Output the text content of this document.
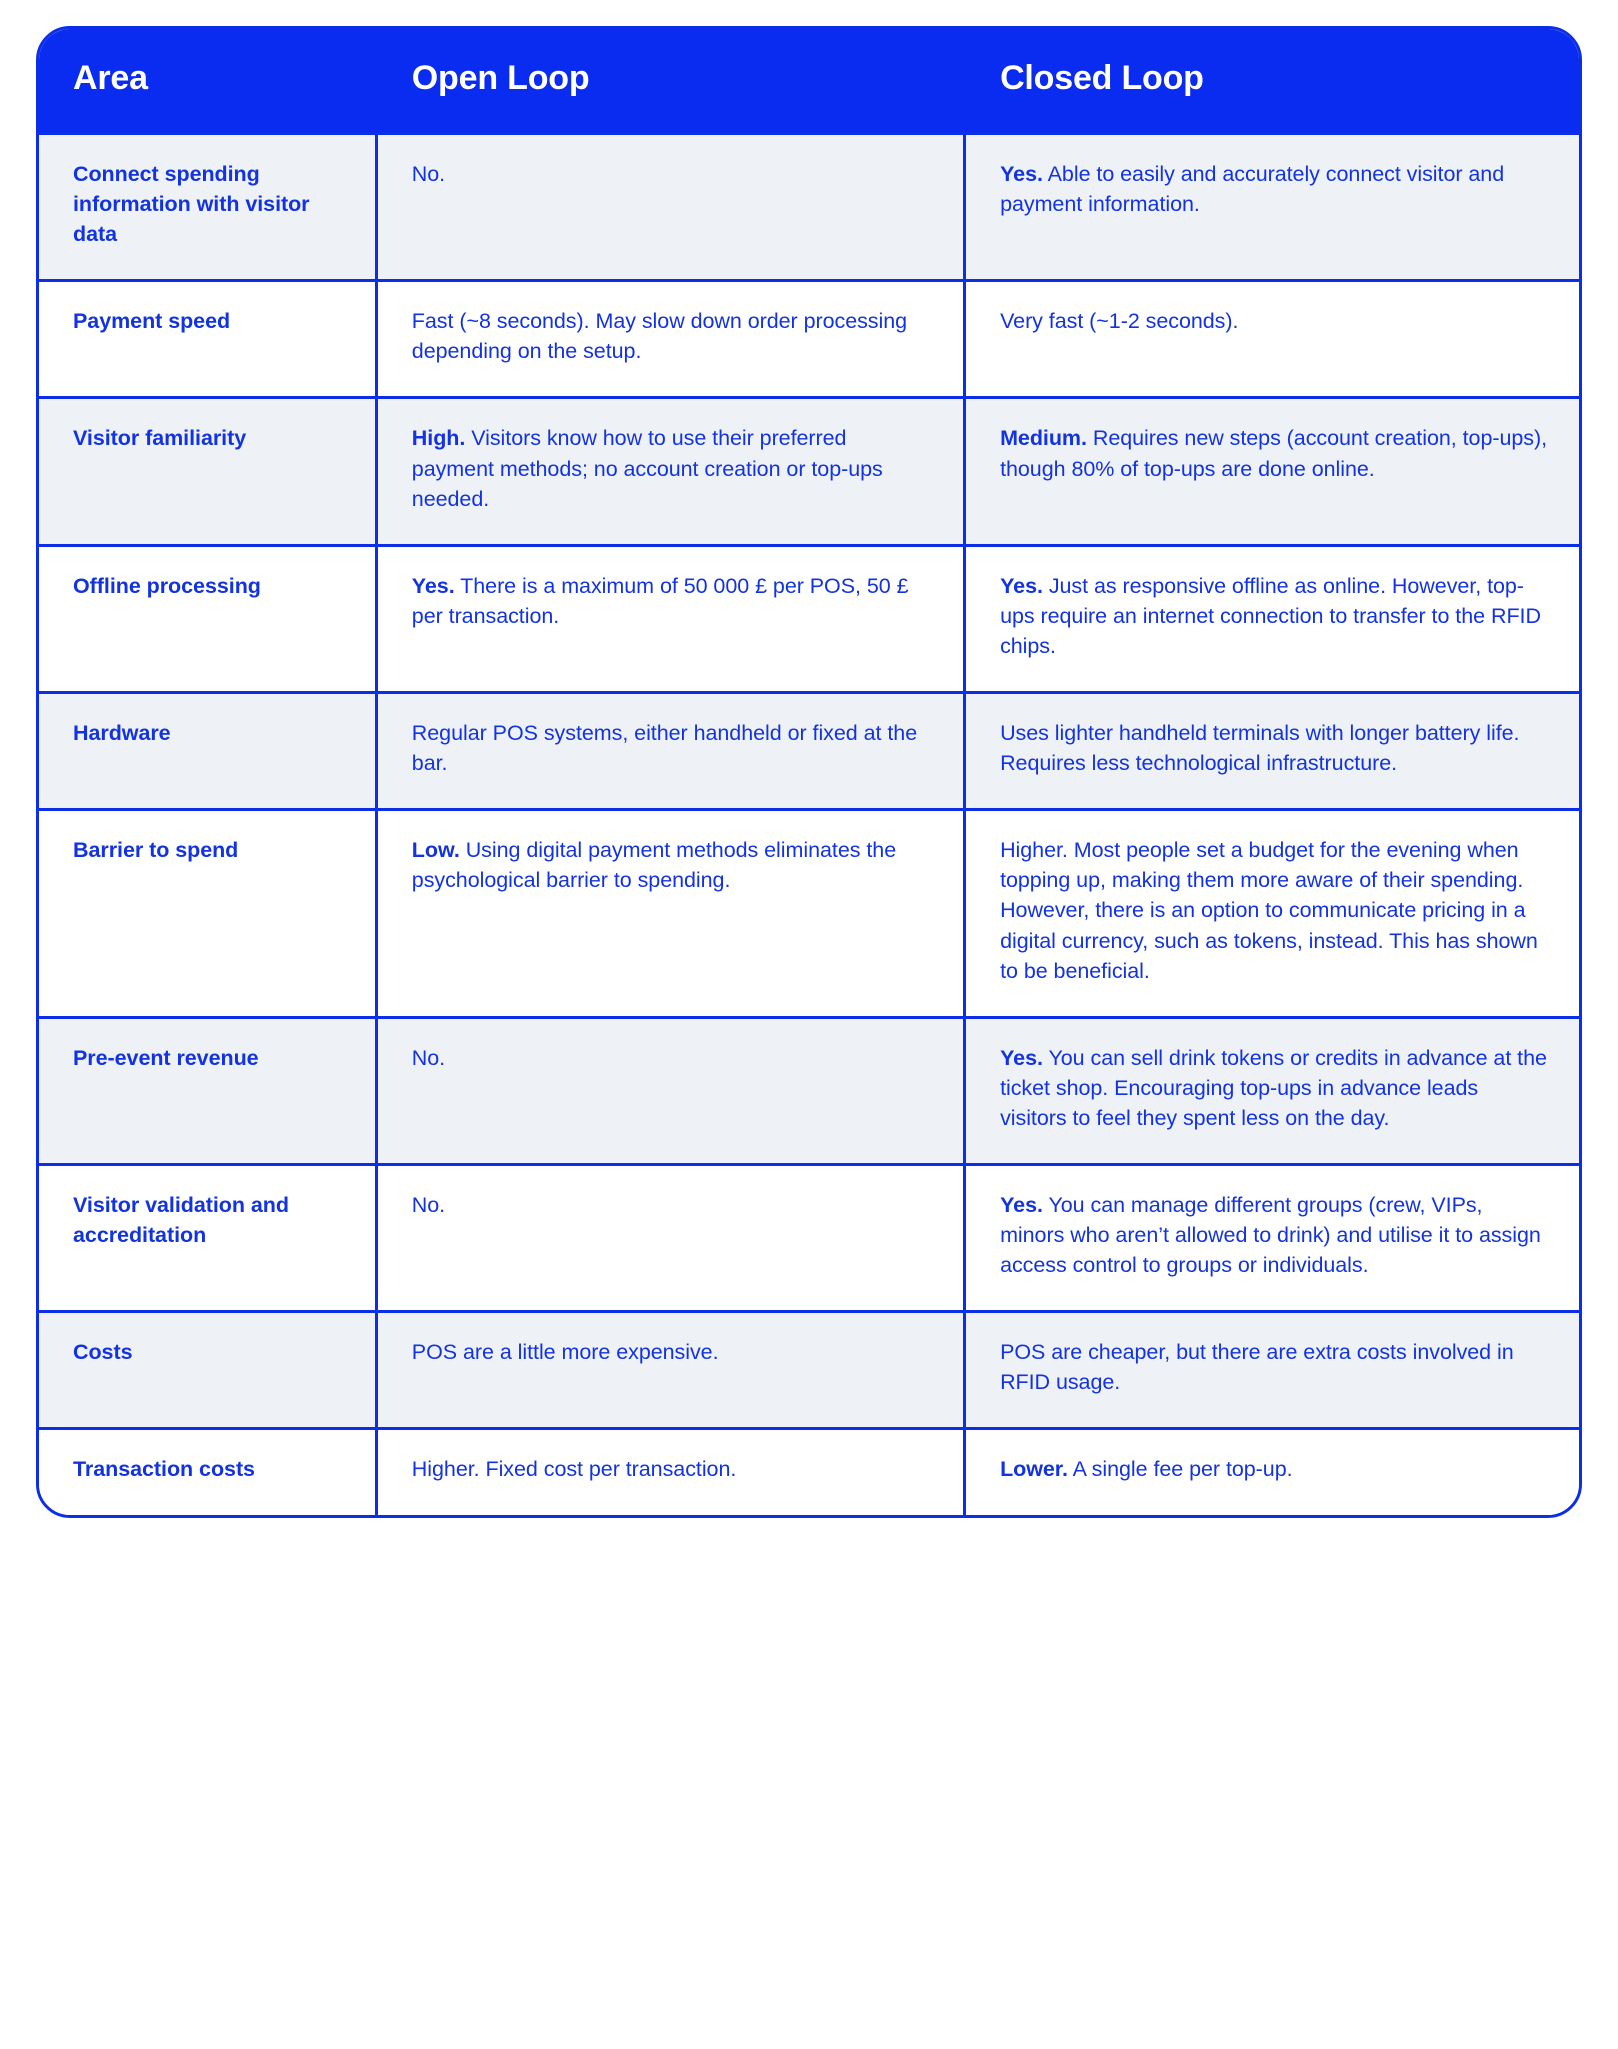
Area	Open Loop	Closed Loop
Connect spending information with visitor data	No.	Yes. Able to easily and accurately connect visitor and payment information.

Payment speed	Fast (~8 seconds). May slow down order processing depending on the setup.	Very fast (~1-2 seconds).

Visitor familiarity	High. Visitors know how to use their preferred payment methods; no account creation or top-ups needed.	Medium. Requires new steps (account creation, top-ups), though 80% of top-ups are done online.

Offline processing	Yes. There is a maximum of 50 000 £ per POS, 50 £ per transaction.	Yes. Just as responsive offline as online. However, top-ups require an internet connection to transfer to the RFID chips.

Hardware	Regular POS systems, either handheld or fixed at the bar.	Uses lighter handheld terminals with longer battery life. Requires less technological infrastructure.

Barrier to spend	Low. Using digital payment methods eliminates the psychological barrier to spending.	Higher. Most people set a budget for the evening when topping up, making them more aware of their spending. However, there is an option to communicate pricing in a digital currency, such as tokens, instead. This has shown to be beneficial.

Pre-event revenue	No.	Yes. You can sell drink tokens or credits in advance at the ticket shop. Encouraging top-ups in advance leads visitors to feel they spent less on the day.

Visitor validation and accreditation	No.	Yes. You can manage different groups (crew, VIPs, minors who aren’t allowed to drink) and utilise it to assign access control to groups or individuals.

Costs	POS are a little more expensive.	POS are cheaper, but there are extra costs involved in RFID usage.

Transaction costs	Higher. Fixed cost per transaction.	Lower. A single fee per top-up.
